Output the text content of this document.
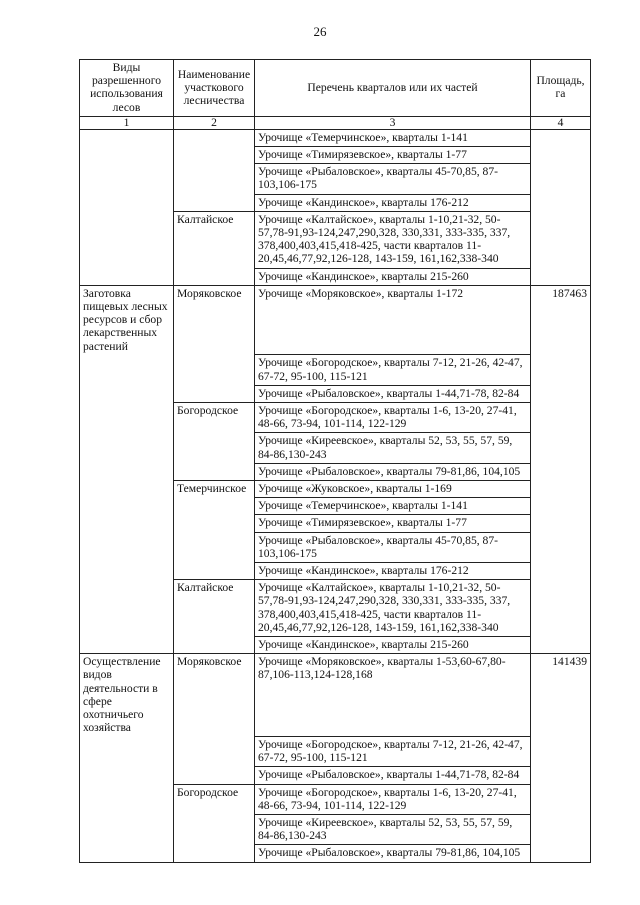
26
Виды разрешенного использования лесов	Наименование участкового лесничества	Перечень кварталов или их частей	Площадь, га
1	2	3	4
		Урочище «Темерчинское», кварталы 1-141	
		Урочище «Тимирязевское», кварталы 1-77	
		Урочище «Рыбаловское», кварталы 45-70,85, 87-103,106-175	
		Урочище «Кандинское», кварталы 176-212	
	Калтайское	Урочище «Калтайское», кварталы 1-10,21-32, 50-57,78-91,93-124,247,290,328, 330,331, 333-335, 337, 378,400,403,415,418-425, части кварталов 11-20,45,46,77,92,126-128, 143-159, 161,162,338-340	
		Урочище «Кандинское», кварталы 215-260	
Заготовка пищевых лесных ресурсов и сбор лекарственных растений	Моряковское	Урочище «Моряковское», кварталы 1-172	187463
		Урочище «Богородское», кварталы 7-12, 21-26, 42-47, 67-72, 95-100, 115-121	
		Урочище «Рыбаловское», кварталы 1-44,71-78, 82-84	
	Богородское	Урочище «Богородское», кварталы 1-6, 13-20, 27-41, 48-66, 73-94, 101-114, 122-129	
		Урочище «Киреевское», кварталы 52, 53, 55, 57, 59, 84-86,130-243	
		Урочище «Рыбаловское», кварталы 79-81,86, 104,105	
	Темерчинское	Урочище «Жуковское», кварталы 1-169	
		Урочище «Темерчинское», кварталы 1-141	
		Урочище «Тимирязевское», кварталы 1-77	
		Урочище «Рыбаловское», кварталы 45-70,85, 87-103,106-175	
		Урочище «Кандинское», кварталы 176-212	
	Калтайское	Урочище «Калтайское», кварталы 1-10,21-32, 50-57,78-91,93-124,247,290,328, 330,331, 333-335, 337, 378,400,403,415,418-425, части кварталов 11-20,45,46,77,92,126-128, 143-159, 161,162,338-340	
		Урочище «Кандинское», кварталы 215-260	
Осуществление видов деятельности в сфере охотничьего хозяйства	Моряковское	Урочище «Моряковское», кварталы 1-53,60-67,80-87,106-113,124-128,168	141439
		Урочище «Богородское», кварталы 7-12, 21-26, 42-47, 67-72, 95-100, 115-121	
		Урочище «Рыбаловское», кварталы 1-44,71-78, 82-84	
	Богородское	Урочище «Богородское», кварталы 1-6, 13-20, 27-41, 48-66, 73-94, 101-114, 122-129	
		Урочище «Киреевское», кварталы 52, 53, 55, 57, 59, 84-86,130-243	
		Урочище «Рыбаловское», кварталы 79-81,86, 104,105	
